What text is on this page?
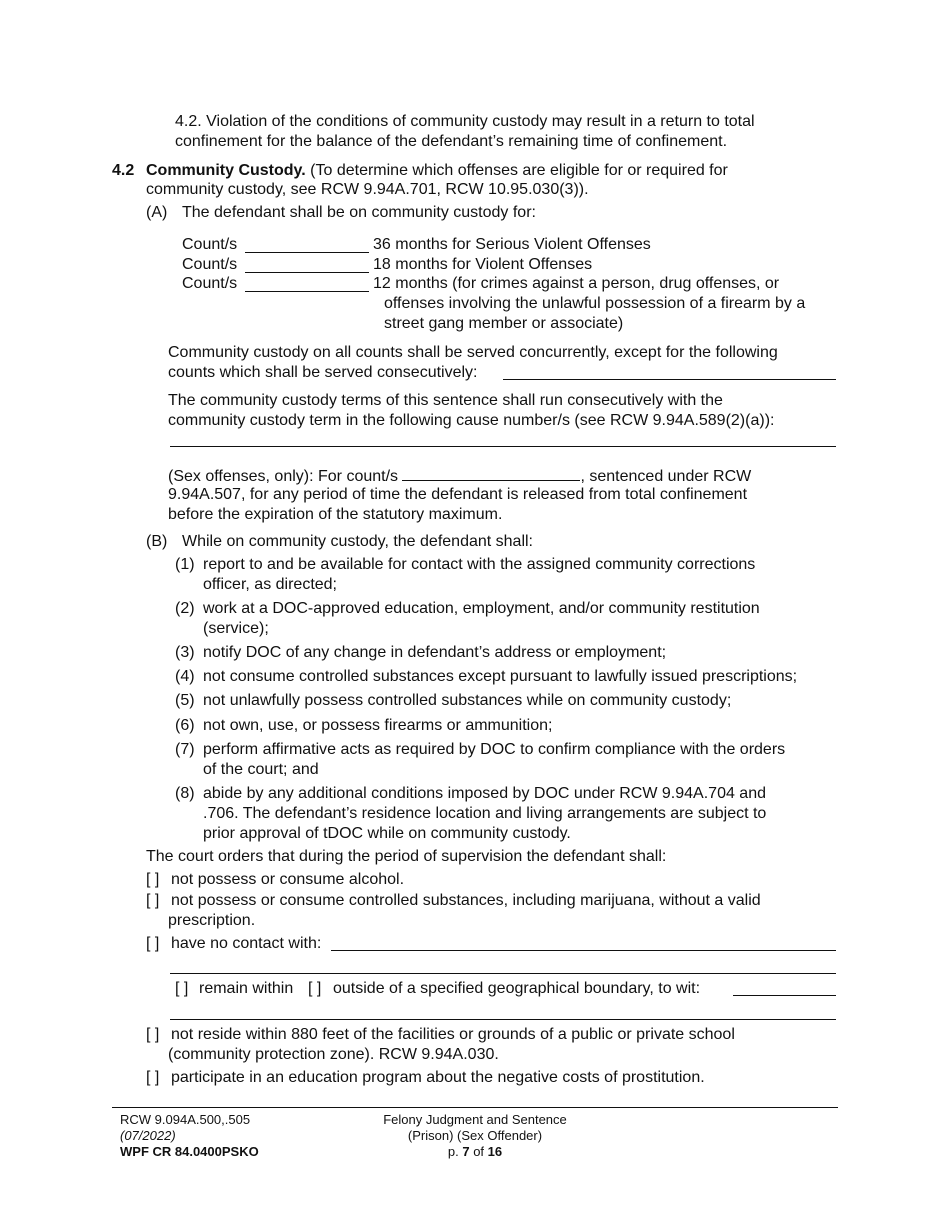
4.2. Violation of the conditions of community custody may result in a return to total
confinement for the balance of the defendant’s remaining time of confinement.
4.2 Community Custody. (To determine which offenses are eligible for or required for
community custody, see RCW 9.94A.701, RCW 10.95.030(3)).
(A) The defendant shall be on community custody for:
Count/s	36 months for Serious Violent Offenses
Count/s	18 months for Violent Offenses
Count/s	12 months (for crimes against a person, drug offenses, or
offenses involving the unlawful possession of a firearm by a
street gang member or associate)
Community custody on all counts shall be served concurrently, except for the following
counts which shall be served consecutively:
The community custody terms of this sentence shall run consecutively with the
community custody term in the following cause number/s (see RCW 9.94A.589(2)(a)):
(Sex offenses, only): For count/s	, sentenced under RCW
9.94A.507, for any period of time the defendant is released from total confinement
before the expiration of the statutory maximum.
(B) While on community custody, the defendant shall:
(1) report to and be available for contact with the assigned community corrections
officer, as directed;
(2) work at a DOC-approved education, employment, and/or community restitution
(service);
(3) notify DOC of any change in defendant’s address or employment;
(4) not consume controlled substances except pursuant to lawfully issued prescriptions;
(5) not unlawfully possess controlled substances while on community custody;
(6) not own, use, or possess firearms or ammunition;
(7) perform affirmative acts as required by DOC to confirm compliance with the orders
of the court; and
(8) abide by any additional conditions imposed by DOC under RCW 9.94A.704 and
.706. The defendant’s residence location and living arrangements are subject to
prior approval of tDOC while on community custody.
The court orders that during the period of supervision the defendant shall:
[ ] not possess or consume alcohol.
[ ] not possess or consume controlled substances, including marijuana, without a valid
prescription.
[ ] have no contact with:
[ ] remain within [ ] outside of a specified geographical boundary, to wit:
[ ] not reside within 880 feet of the facilities or grounds of a public or private school
(community protection zone). RCW 9.94A.030.
[ ] participate in an education program about the negative costs of prostitution.
RCW 9.094A.500,.505
(07/2022)
WPF CR 84.0400PSKO
Felony Judgment and Sentence
(Prison) (Sex Offender)
p. 7 of 16
